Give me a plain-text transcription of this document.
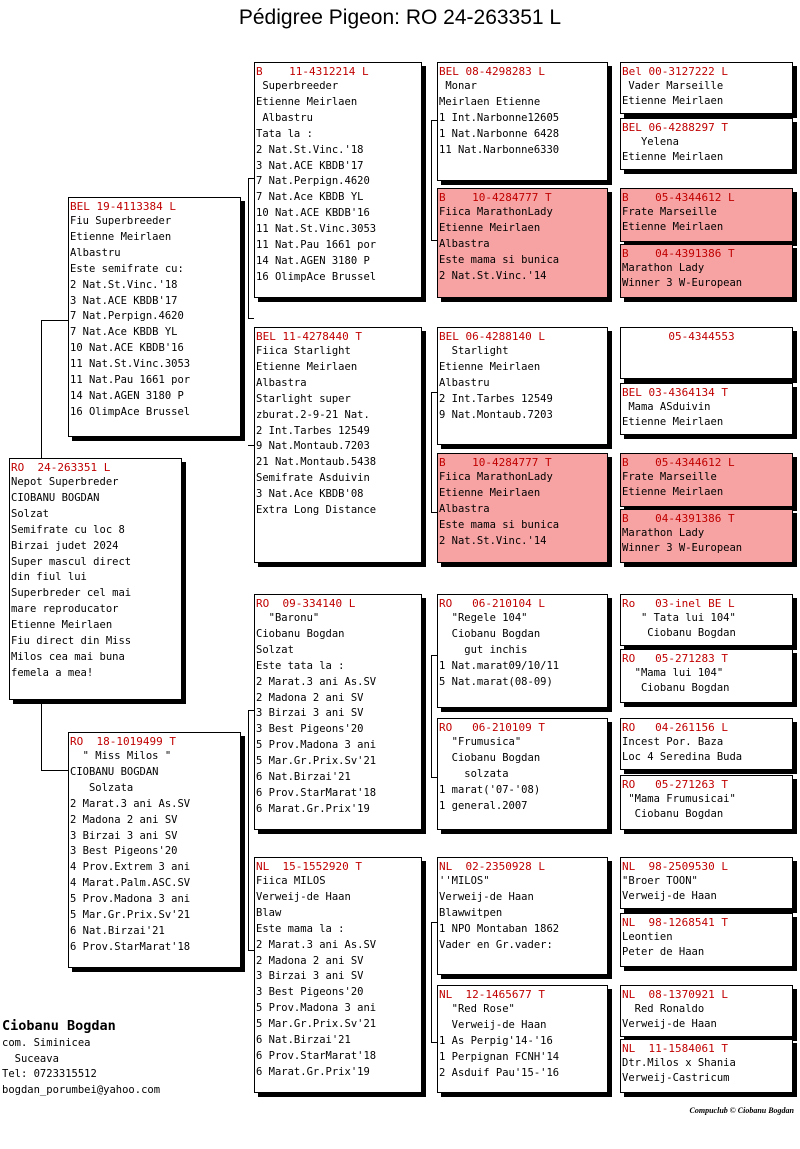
Pédigree Pigeon: RO 24-263351 L
RO  24-263351 L
Nepot Superbreder
CIOBANU BOGDAN
Solzat
Semifrate cu loc 8
Birzai judet 2024
Super mascul direct
din fiul lui
Superbreder cel mai
mare reproducator
Etienne Meirlaen
Fiu direct din Miss
Milos cea mai buna
femela a mea!
BEL 19-4113384 L
Fiu Superbreeder
Etienne Meirlaen
Albastru
Este semifrate cu:
2 Nat.St.Vinc.'18
3 Nat.ACE KBDB'17
7 Nat.Perpign.4620
7 Nat.Ace KBDB YL
10 Nat.ACE KBDB'16
11 Nat.St.Vinc.3053
11 Nat.Pau 1661 por
14 Nat.AGEN 3180 P
16 OlimpAce Brussel
RO  18-1019499 T
" Miss Milos "
CIOBANU BOGDAN
Solzata
2 Marat.3 ani As.SV
2 Madona 2 ani SV
3 Birzai 3 ani SV
3 Best Pigeons'20
4 Prov.Extrem 3 ani
4 Marat.Palm.ASC.SV
5 Prov.Madona 3 ani
5 Mar.Gr.Prix.Sv'21
6 Nat.Birzai'21
6 Prov.StarMarat'18
B    11-4312214 L
Superbreeder
Etienne Meirlaen
Albastru
Tata la :
2 Nat.St.Vinc.'18
3 Nat.ACE KBDB'17
7 Nat.Perpign.4620
7 Nat.Ace KBDB YL
10 Nat.ACE KBDB'16
11 Nat.St.Vinc.3053
11 Nat.Pau 1661 por
14 Nat.AGEN 3180 P
16 OlimpAce Brussel
BEL 11-4278440 T
Fiica Starlight
Etienne Meirlaen
Albastra
Starlight super
zburat.2-9-21 Nat.
2 Int.Tarbes 12549
9 Nat.Montaub.7203
21 Nat.Montaub.5438
Semifrate Asduivin
3 Nat.Ace KBDB'08
Extra Long Distance
RO  09-334140 L
"Baronu"
Ciobanu Bogdan
Solzat
Este tata la :
2 Marat.3 ani As.SV
2 Madona 2 ani SV
3 Birzai 3 ani SV
3 Best Pigeons'20
5 Prov.Madona 3 ani
5 Mar.Gr.Prix.Sv'21
6 Nat.Birzai'21
6 Prov.StarMarat'18
6 Marat.Gr.Prix'19
NL  15-1552920 T
Fiica MILOS
Verweij-de Haan
Blaw
Este mama la :
2 Marat.3 ani As.SV
2 Madona 2 ani SV
3 Birzai 3 ani SV
3 Best Pigeons'20
5 Prov.Madona 3 ani
5 Mar.Gr.Prix.Sv'21
6 Nat.Birzai'21
6 Prov.StarMarat'18
6 Marat.Gr.Prix'19
BEL 08-4298283 L
Monar
Meirlaen Etienne
1 Int.Narbonne12605
1 Nat.Narbonne 6428
11 Nat.Narbonne6330
B    10-4284777 T
Fiica MarathonLady
Etienne Meirlaen
Albastra
Este mama si bunica
2 Nat.St.Vinc.'14
BEL 06-4288140 L
Starlight
Etienne Meirlaen
Albastru
2 Int.Tarbes 12549
9 Nat.Montaub.7203
B    10-4284777 T
Fiica MarathonLady
Etienne Meirlaen
Albastra
Este mama si bunica
2 Nat.St.Vinc.'14
RO   06-210104 L
"Regele 104"
Ciobanu Bogdan
gut inchis
1 Nat.marat09/10/11
5 Nat.marat(08-09)
RO   06-210109 T
"Frumusica"
Ciobanu Bogdan
solzata
1 marat('07-'08)
1 general.2007
NL  02-2350928 L
''MILOS"
Verweij-de Haan
Blawwitpen
1 NPO Montaban 1862
Vader en Gr.vader:
NL  12-1465677 T
"Red Rose"
Verweij-de Haan
1 As Perpig'14-'16
1 Perpignan FCNH'14
2 Asduif Pau'15-'16
Bel 00-3127222 L
Vader Marseille
Etienne Meirlaen
BEL 06-4288297 T
Yelena
Etienne Meirlaen
B    05-4344612 L
Frate Marseille
Etienne Meirlaen
B    04-4391386 T
Marathon Lady
Winner 3 W-European
05-4344553
BEL 03-4364134 T
Mama ASduivin
Etienne Meirlaen
B    05-4344612 L
Frate Marseille
Etienne Meirlaen
B    04-4391386 T
Marathon Lady
Winner 3 W-European
Ro   03-inel BE L
" Tata lui 104"
Ciobanu Bogdan
RO   05-271283 T
"Mama lui 104"
Ciobanu Bogdan
RO   04-261156 L
Incest Por. Baza
Loc 4 Seredina Buda
RO   05-271263 T
"Mama Frumusicai"
Ciobanu Bogdan
NL  98-2509530 L
"Broer TOON"
Verweij-de Haan
NL  98-1268541 T
Leontien
Peter de Haan
NL  08-1370921 L
Red Ronaldo
Verweij-de Haan
NL  11-1584061 T
Dtr.Milos x Shania
Verweij-Castricum
Ciobanu Bogdan
com. Siminicea
Suceava
Tel: 0723315512
bogdan_porumbei@yahoo.com
Compuclub © Ciobanu Bogdan
